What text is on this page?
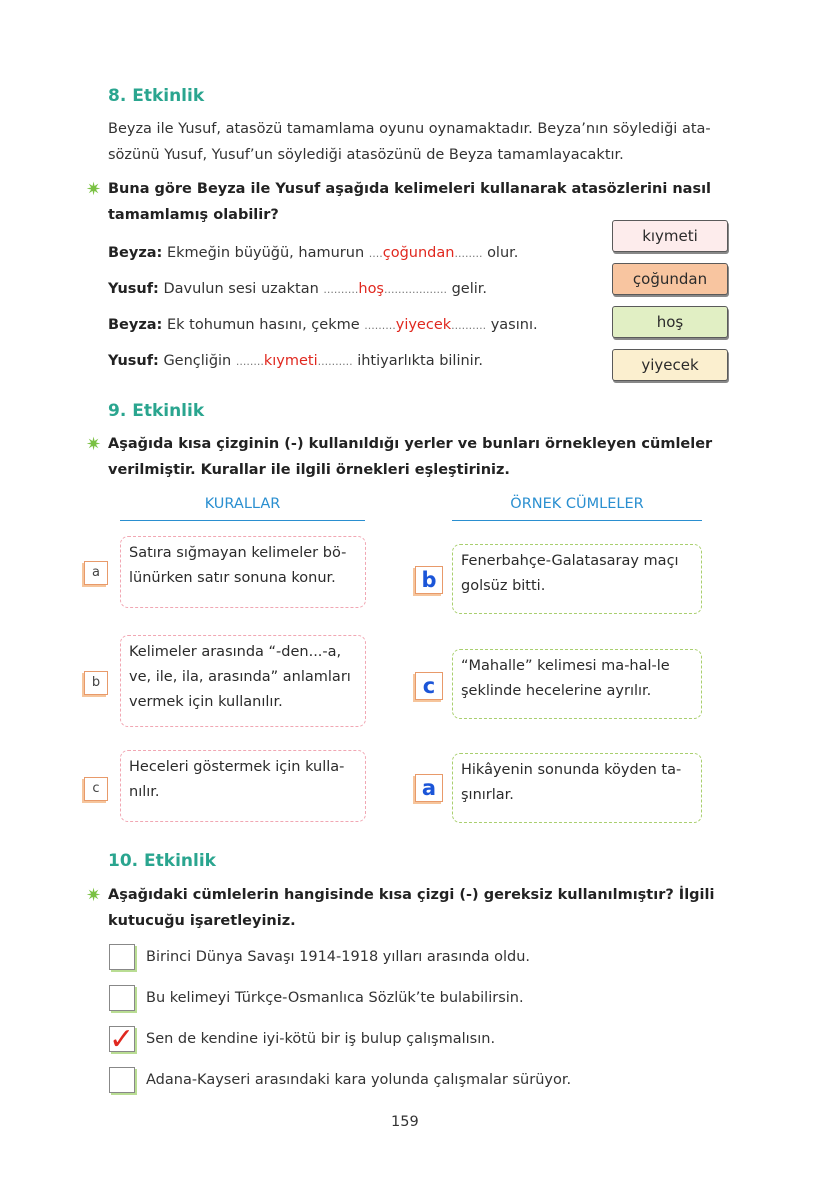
8. Etkinlik
Beyza ile Yusuf, atasözü tamamlama oyunu oynamaktadır. Beyza’nın söylediği ata-
sözünü Yusuf, Yusuf’un söylediği atasözünü de Beyza tamamlayacaktır.
✷ Buna göre Beyza ile Yusuf aşağıda kelimeleri kullanarak atasözlerini nasıl
tamamlamış olabilir?
Beyza: Ekmeğin büyüğü, hamurun ....çoğundan........ olur.
Yusuf: Davulun sesi uzaktan ..........hoş.................. gelir.
Beyza: Ek tohumun hasını, çekme .........yiyecek.......... yasını.
Yusuf: Gençliğin ........kıymeti.......... ihtiyarlıkta bilinir.
kıymeti
çoğundan
hoş
yiyecek
9. Etkinlik
✷ Aşağıda kısa çizginin (-) kullanıldığı yerler ve bunları örnekleyen cümleler
verilmiştir. Kurallar ile ilgili örnekleri eşleştiriniz.
KURALLAR	ÖRNEK CÜMLELER
a
Satıra sığmayan kelimeler bö-
lünürken satır sonuna konur.
b
Kelimeler arasında “-den...-a,
ve, ile, ila, arasında” anlamları
vermek için kullanılır.
c
Heceleri göstermek için kulla-
nılır.
b
Fenerbahçe-Galatasaray maçı
golsüz bitti.
c
“Mahalle” kelimesi ma-hal-le
şeklinde hecelerine ayrılır.
a
Hikâyenin sonunda köyden ta-
şınırlar.
10. Etkinlik
✷ Aşağıdaki cümlelerin hangisinde kısa çizgi (-) gereksiz kullanılmıştır? İlgili
kutucuğu işaretleyiniz.
Birinci Dünya Savaşı 1914-1918 yılları arasında oldu.
Bu kelimeyi Türkçe-Osmanlıca Sözlük’te bulabilirsin.
✓ Sen de kendine iyi-kötü bir iş bulup çalışmalısın.
Adana-Kayseri arasındaki kara yolunda çalışmalar sürüyor.
159
